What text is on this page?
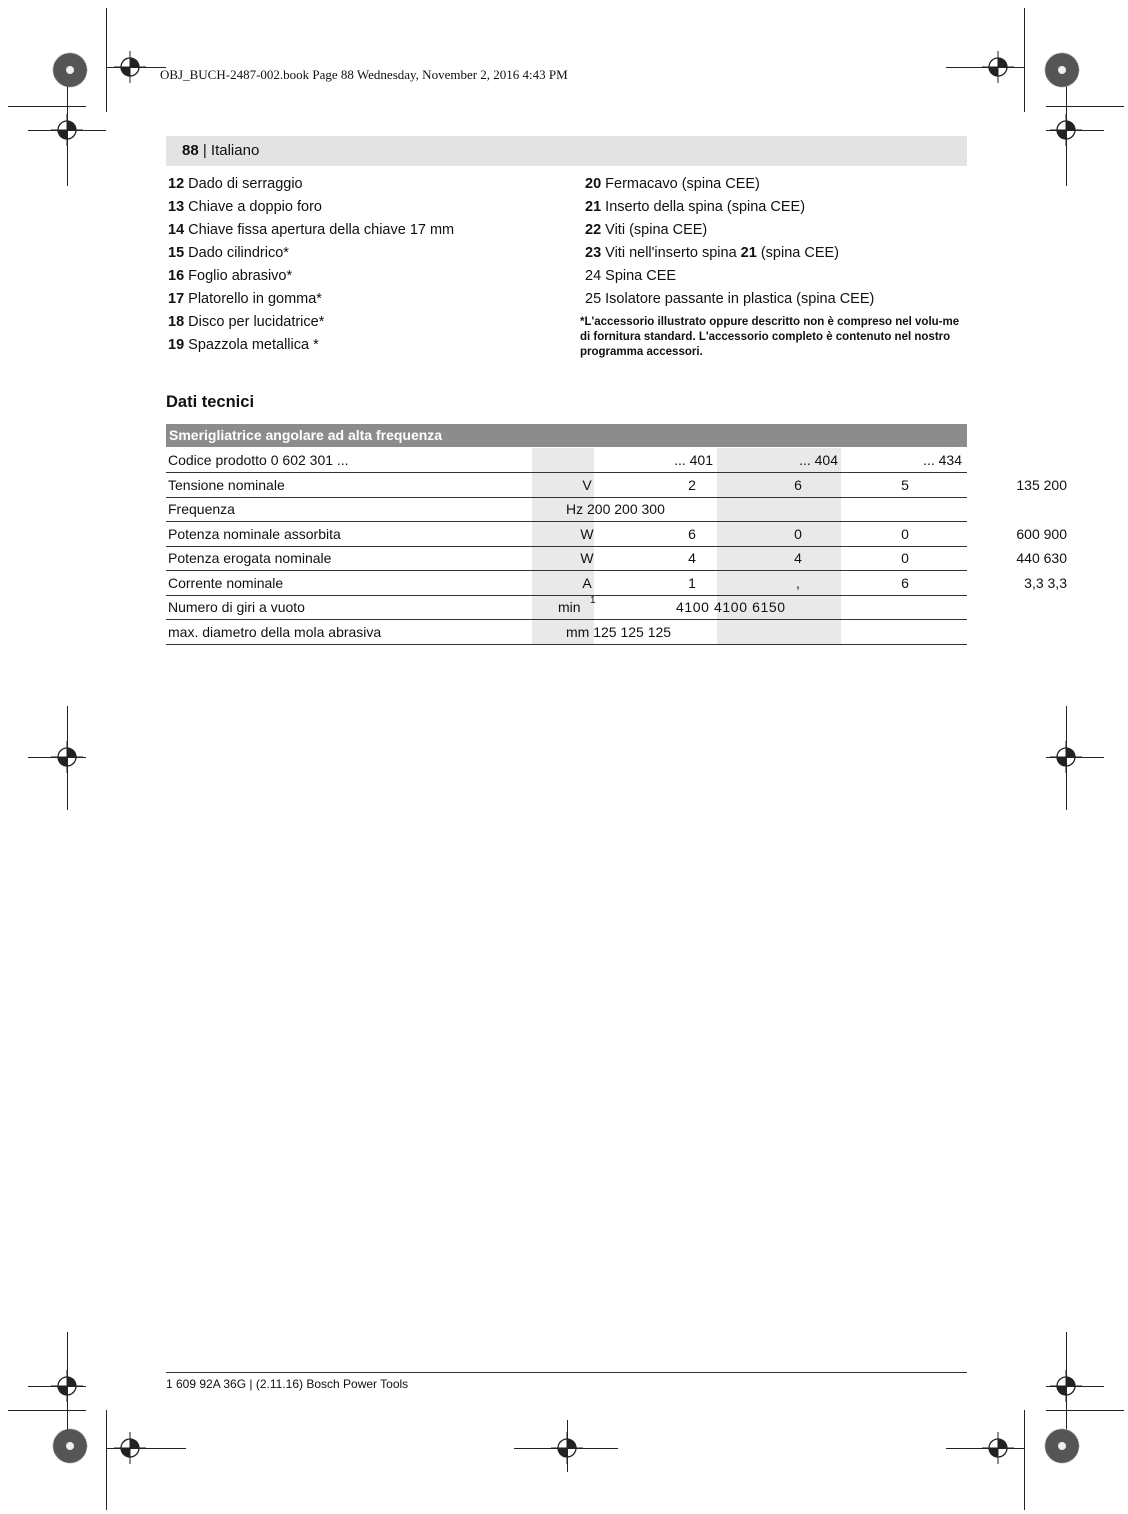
OBJ_BUCH-2487-002.book Page 88 Wednesday, November 2, 2016 4:43 PM
88 | Italiano
12 Dado di serraggio
13 Chiave a doppio foro
14 Chiave fissa apertura della chiave 17 mm
15 Dado cilindrico*
16 Foglio abrasivo*
17 Platorello in gomma*
18 Disco per lucidatrice*
19 Spazzola metallica *
20 Fermacavo (spina CEE)
21 Inserto della spina (spina CEE)
22 Viti (spina CEE)
23 Viti nell'inserto spina 21 (spina CEE)
24 Spina CEE
25 Isolatore passante in plastica (spina CEE)
*L'accessorio illustrato oppure descritto non è compreso nel volu-me di fornitura standard. L'accessorio completo è contenuto nel nostro programma accessori.
Dati tecnici
Smerigliatrice angolare ad alta frequenza
Codice prodotto 0 602 301 ...	... 401	... 404	... 434
Tensione nominale	V	2	6	5	135 200
Frequenza	Hz 200 200 300
Potenza nominale assorbita	W	6	0	0	600 900
Potenza erogata nominale	W	4	4	0	440 630
Corrente nominale	A	1	,	6	3,3 3,3
Numero di giri a vuoto	min $^1$	4100 4100 6150
max. diametro della mola abrasiva	mm 125 125 125
1 609 92A 36G | (2.11.16) Bosch Power Tools
